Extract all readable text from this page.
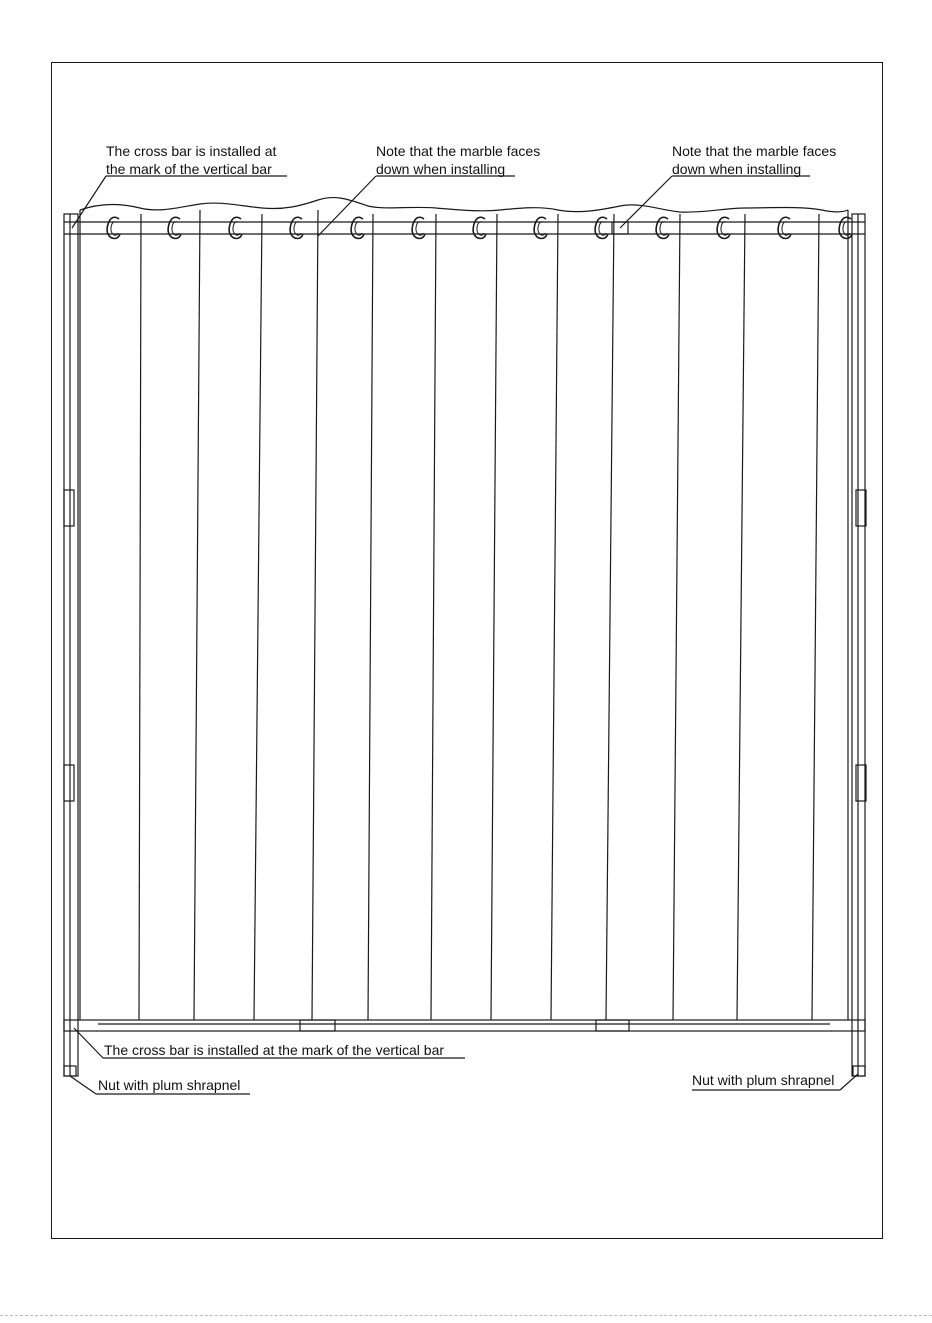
The cross bar is installed at
the mark of the vertical bar
Note that the marble faces
down when installing
Note that the marble faces
down when installing
The cross bar is installed at the mark of the vertical bar
Nut with plum shrapnel	Nut with plum shrapnel
